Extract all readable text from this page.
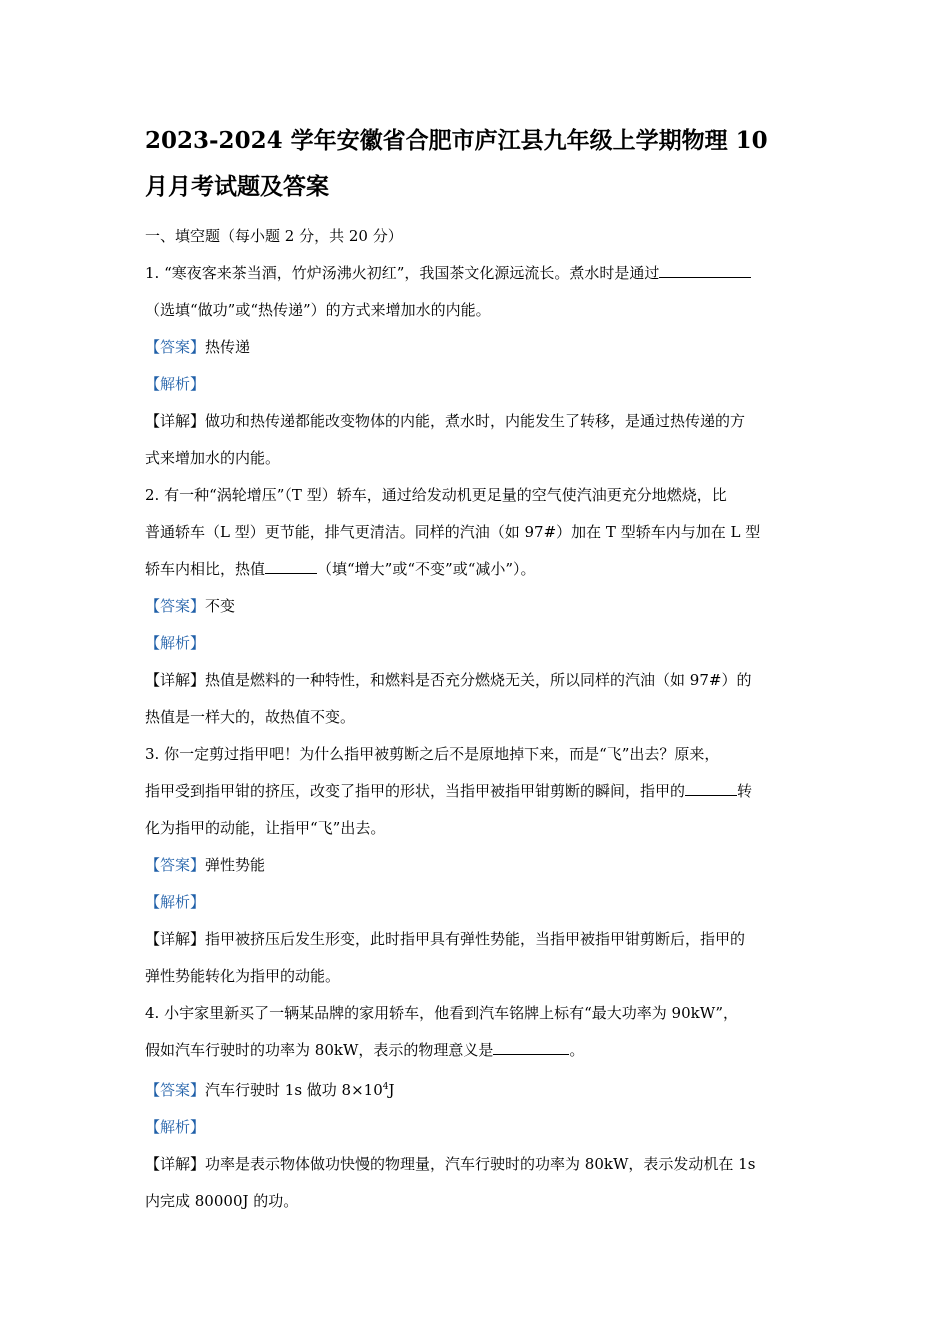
2023-2024 学年安徽省合肥市庐江县九年级上学期物理 10
月月考试题及答案
一、填空题（每小题 2 分，共 20 分）
1. “寒夜客来茶当酒，竹炉汤沸火初红”，我国茶文化源远流长。煮水时是通过
（选填“做功”或“热传递”）的方式来增加水的内能。
【答案】热传递
【解析】
【详解】做功和热传递都能改变物体的内能，煮水时，内能发生了转移，是通过热传递的方
式来增加水的内能。
2. 有一种“涡轮增压”（T 型）轿车，通过给发动机更足量的空气使汽油更充分地燃烧，比
普通轿车（L 型）更节能，排气更清洁。同样的汽油（如 97#）加在 T 型轿车内与加在 L 型
轿车内相比，热值	（填“增大”或“不变”或“减小”）。
【答案】不变
【解析】
【详解】热值是燃料的一种特性，和燃料是否充分燃烧无关，所以同样的汽油（如 97#）的
热值是一样大的，故热值不变。
3. 你一定剪过指甲吧！为什么指甲被剪断之后不是原地掉下来，而是“飞”出去？原来，
指甲受到指甲钳的挤压，改变了指甲的形状，当指甲被指甲钳剪断的瞬间，指甲的	转
化为指甲的动能，让指甲“飞”出去。
【答案】弹性势能
【解析】
【详解】指甲被挤压后发生形变，此时指甲具有弹性势能，当指甲被指甲钳剪断后，指甲的
弹性势能转化为指甲的动能。
4. 小宇家里新买了一辆某品牌的家用轿车，他看到汽车铭牌上标有“最大功率为 90kW”，
假如汽车行驶时的功率为 80kW，表示的物理意义是	。
【答案】汽车行驶时 1s 做功 $8\times 10^4J$
【解析】
【详解】功率是表示物体做功快慢的物理量，汽车行驶时的功率为 80kW，表示发动机在 1s
内完成 80000J 的功。
